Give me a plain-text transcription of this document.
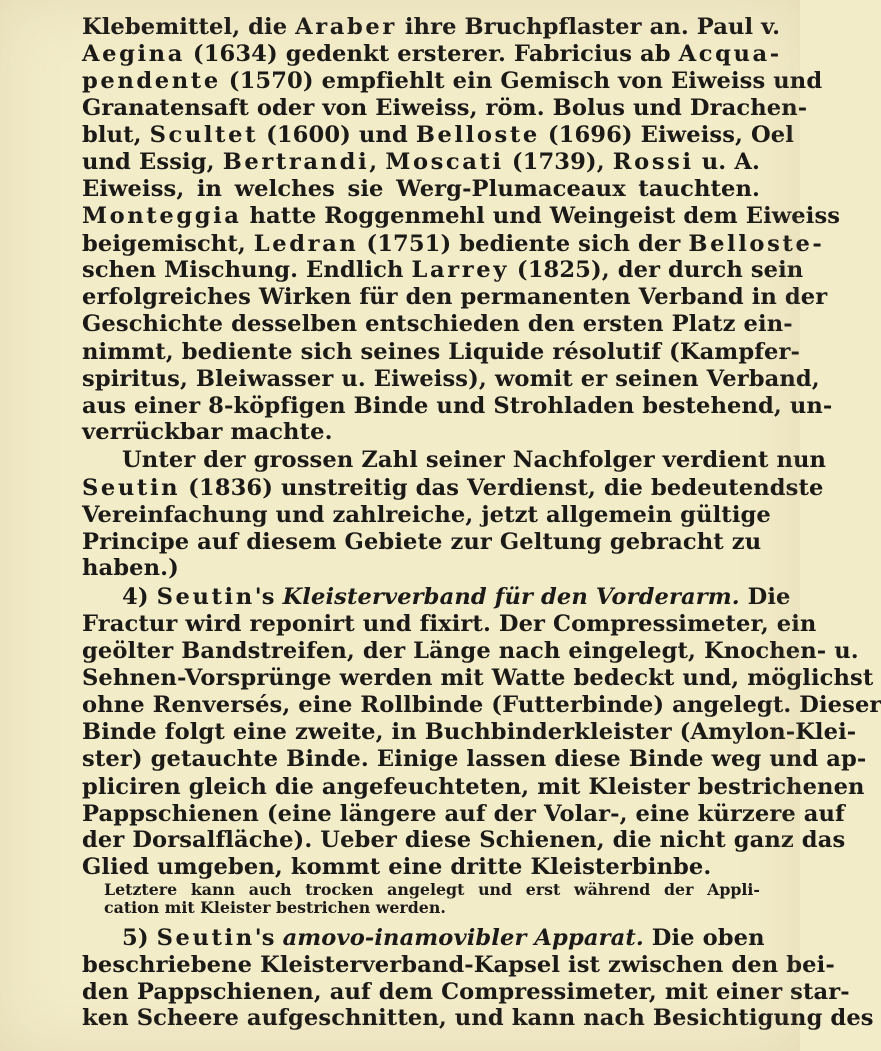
Klebemittel, die Araber ihre Bruchpflaster an. Paul v.
Aegina (1634) gedenkt ersterer. Fabricius ab Acqua-
pendente (1570) empfiehlt ein Gemisch von Eiweiss und
Granatensaft oder von Eiweiss, röm. Bolus und Drachen-
blut, Scultet (1600) und Belloste (1696) Eiweiss, Oel
und Essig, Bertrandi, Moscati (1739), Rossi u. A.
Eiweiss, in welches sie Werg-Plumaceaux tauchten.
Monteggia hatte Roggenmehl und Weingeist dem Eiweiss
beigemischt, Ledran (1751) bediente sich der Belloste-
schen Mischung. Endlich Larrey (1825), der durch sein
erfolgreiches Wirken für den permanenten Verband in der
Geschichte desselben entschieden den ersten Platz ein-
nimmt, bediente sich seines Liquide résolutif (Kampfer-
spiritus, Bleiwasser u. Eiweiss), womit er seinen Verband,
aus einer 8-köpfigen Binde und Strohladen bestehend, un-
verrückbar machte.
Unter der grossen Zahl seiner Nachfolger verdient nun
Seutin (1836) unstreitig das Verdienst, die bedeutendste
Vereinfachung und zahlreiche, jetzt allgemein gültige
Principe auf diesem Gebiete zur Geltung gebracht zu
haben.)
4) Seutin's Kleisterverband für den Vorderarm. Die
Fractur wird reponirt und fixirt. Der Compressimeter, ein
geölter Bandstreifen, der Länge nach eingelegt, Knochen- u.
Sehnen-Vorsprünge werden mit Watte bedeckt und, möglichst
ohne Renversés, eine Rollbinde (Futterbinde) angelegt. Dieser
Binde folgt eine zweite, in Buchbinderkleister (Amylon-Klei-
ster) getauchte Binde. Einige lassen diese Binde weg und ap-
pliciren gleich die angefeuchteten, mit Kleister bestrichenen
Pappschienen (eine längere auf der Volar-, eine kürzere auf
der Dorsalfläche). Ueber diese Schienen, die nicht ganz das
Glied umgeben, kommt eine dritte Kleisterbinbe.
Letztere kann auch trocken angelegt und erst während der Appli-
cation mit Kleister bestrichen werden.
5) Seutin's amovo-inamovibler Apparat. Die oben
beschriebene Kleisterverband-Kapsel ist zwischen den bei-
den Pappschienen, auf dem Compressimeter, mit einer star-
ken Scheere aufgeschnitten, und kann nach Besichtigung des
